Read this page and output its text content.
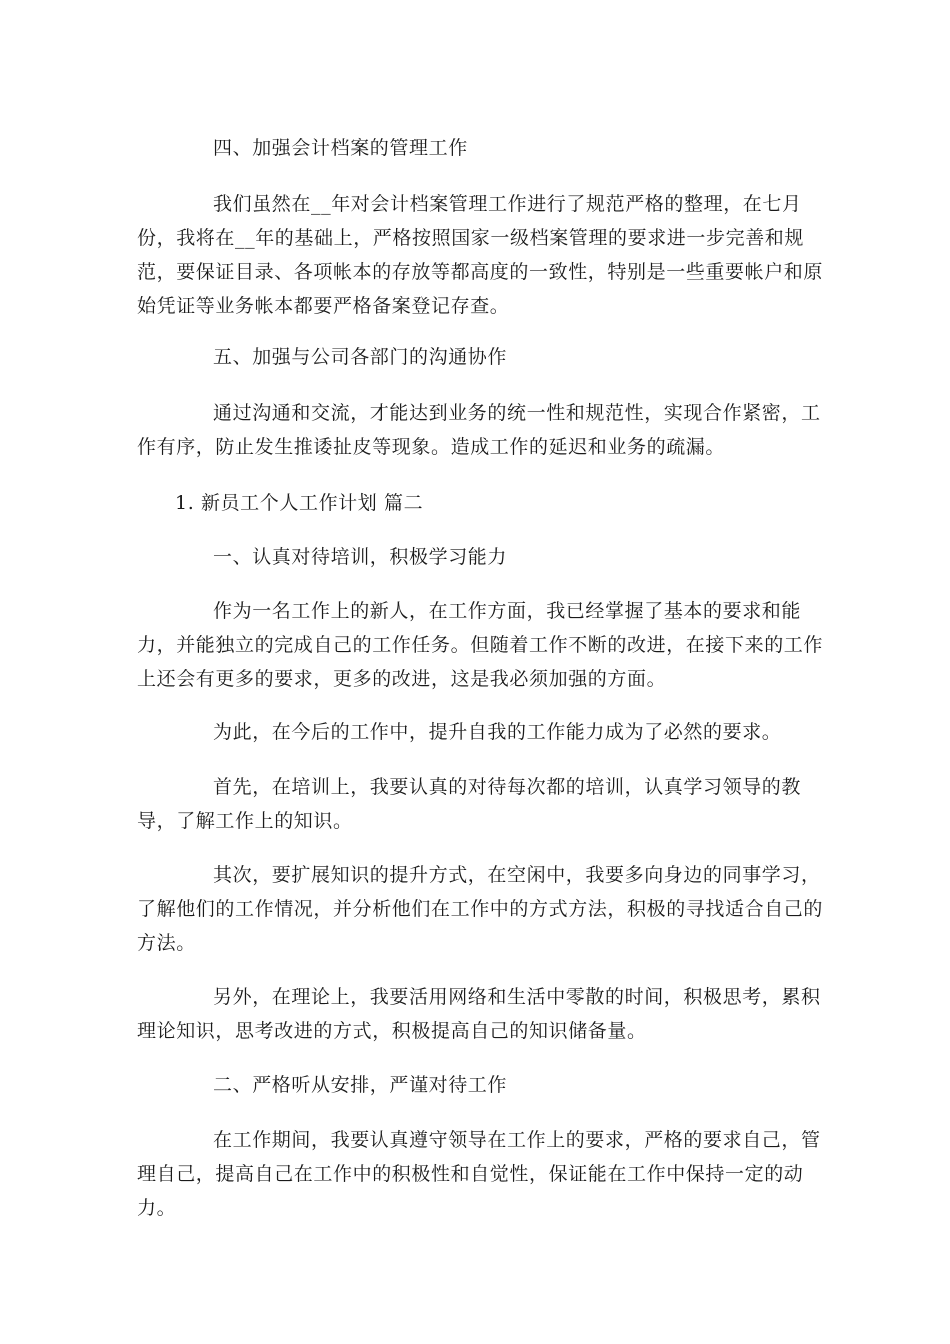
四、加强会计档案的管理工作

我们虽然在__年对会计档案管理工作进行了规范严格的整理，在七月份，我将在__年的基础上，严格按照国家一级档案管理的要求进一步完善和规范，要保证目录、各项帐本的存放等都高度的一致性，特别是一些重要帐户和原始凭证等业务帐本都要严格备案登记存查。

五、加强与公司各部门的沟通协作

通过沟通和交流，才能达到业务的统一性和规范性，实现合作紧密，工作有序，防止发生推诿扯皮等现象。造成工作的延迟和业务的疏漏。

1. 新员工个人工作计划 篇二

一、认真对待培训，积极学习能力

作为一名工作上的新人，在工作方面，我已经掌握了基本的要求和能力，并能独立的完成自己的工作任务。但随着工作不断的改进，在接下来的工作上还会有更多的要求，更多的改进，这是我必须加强的方面。

为此，在今后的工作中，提升自我的工作能力成为了必然的要求。

首先，在培训上，我要认真的对待每次都的培训，认真学习领导的教导，了解工作上的知识。

其次，要扩展知识的提升方式，在空闲中，我要多向身边的同事学习，了解他们的工作情况，并分析他们在工作中的方式方法，积极的寻找适合自己的方法。

另外，在理论上，我要活用网络和生活中零散的时间，积极思考，累积理论知识，思考改进的方式，积极提高自己的知识储备量。

二、严格听从安排，严谨对待工作

在工作期间，我要认真遵守领导在工作上的要求，严格的要求自己，管理自己，提高自己在工作中的积极性和自觉性，保证能在工作中保持一定的动力。
